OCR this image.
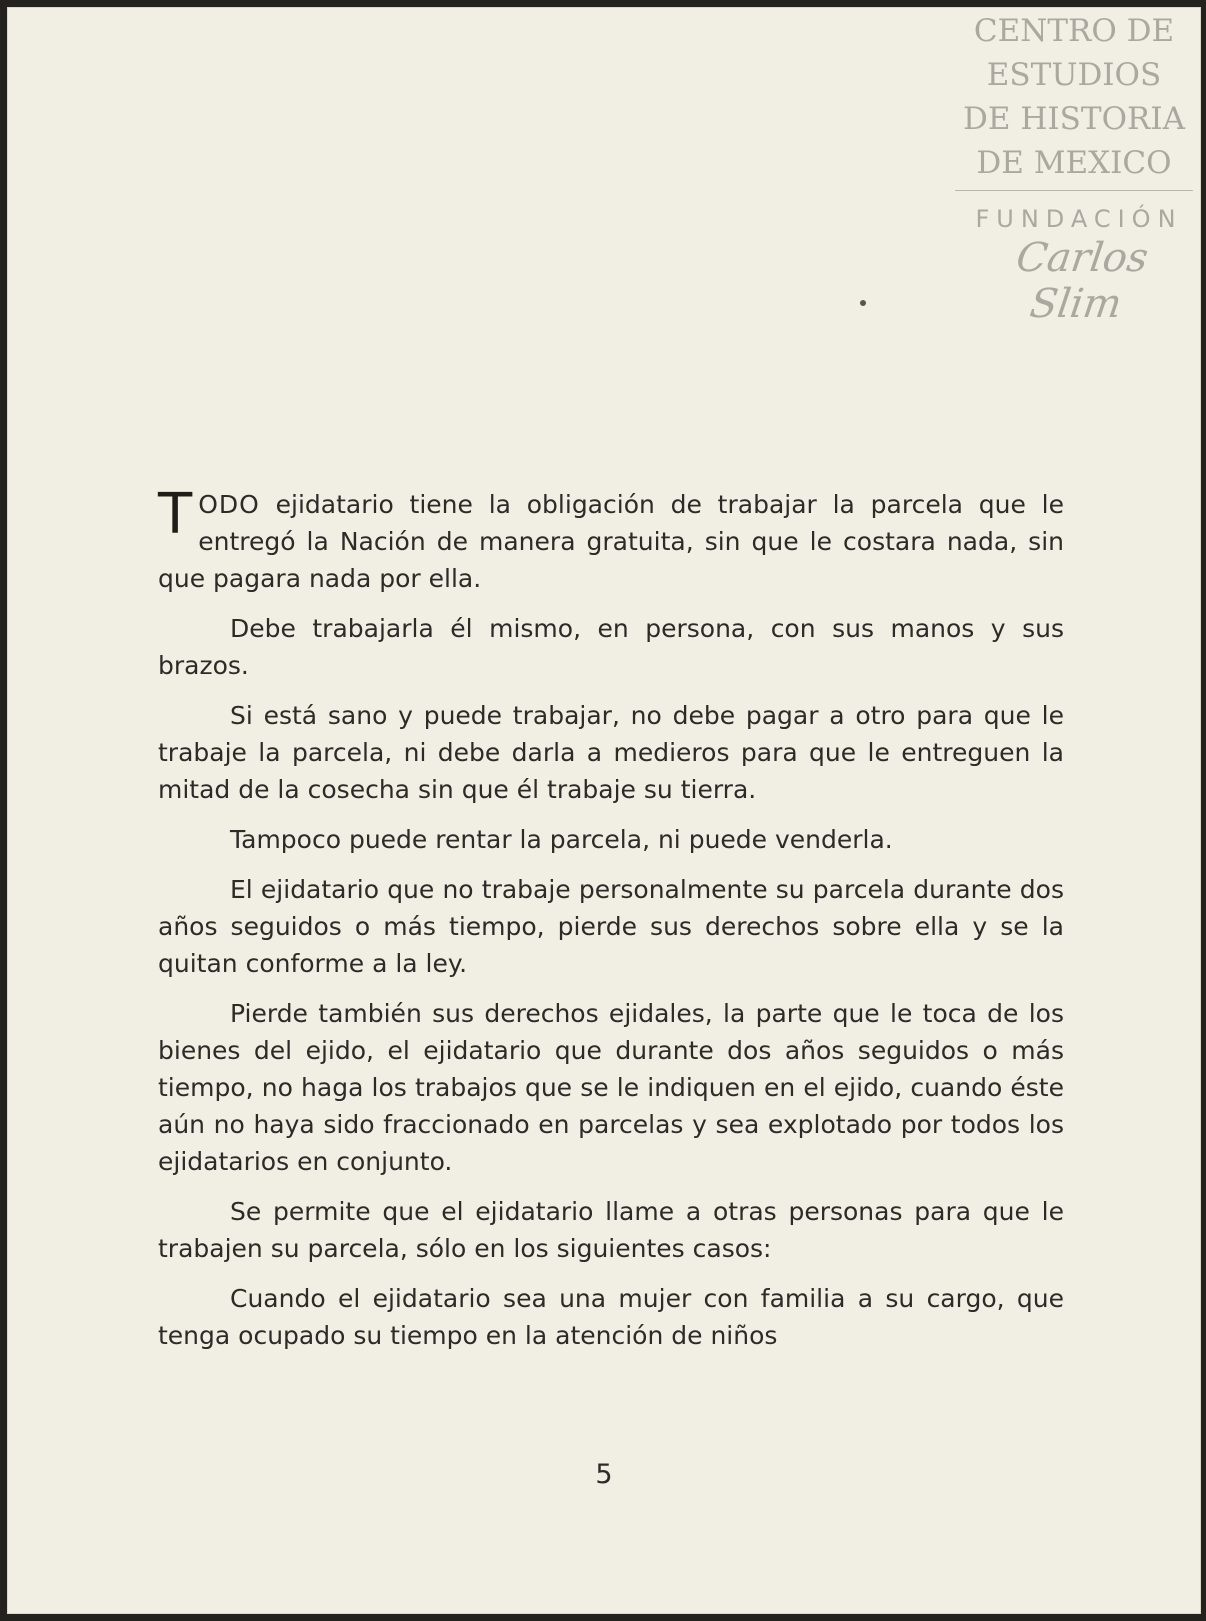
CENTRO DE
ESTUDIOS
DE HISTORIA
DE MEXICO
FUNDACIÓN
Carlos Slim

TODO ejidatario tiene la obligación de trabajar la parcela que le entregó la Nación de manera gratuita, sin que le costara nada, sin que pagara nada por ella.

Debe trabajarla él mismo, en persona, con sus manos y sus brazos.

Si está sano y puede trabajar, no debe pagar a otro para que le trabaje la parcela, ni debe darla a medieros para que le entreguen la mitad de la cosecha sin que él trabaje su tierra.

Tampoco puede rentar la parcela, ni puede venderla.

El ejidatario que no trabaje personalmente su parcela durante dos años seguidos o más tiempo, pierde sus derechos sobre ella y se la quitan conforme a la ley.

Pierde también sus derechos ejidales, la parte que le toca de los bienes del ejido, el ejidatario que durante dos años seguidos o más tiempo, no haga los trabajos que se le indiquen en el ejido, cuando éste aún no haya sido fraccionado en parcelas y sea explotado por todos los ejidatarios en conjunto.

Se permite que el ejidatario llame a otras personas para que le trabajen su parcela, sólo en los siguientes casos:

Cuando el ejidatario sea una mujer con familia a su cargo, que tenga ocupado su tiempo en la atención de niños

5
